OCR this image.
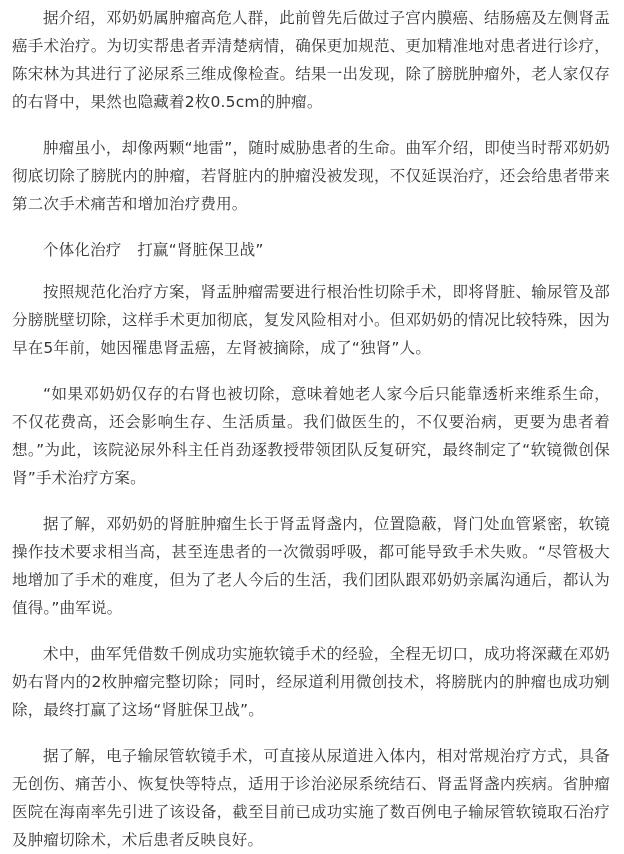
据介绍，邓奶奶属肿瘤高危人群，此前曾先后做过子宫内膜癌、结肠癌及左侧肾盂癌手术治疗。为切实帮患者弄清楚病情，确保更加规范、更加精准地对患者进行诊疗，陈宋林为其进行了泌尿系三维成像检查。结果一出发现，除了膀胱肿瘤外，老人家仅存的右肾中，果然也隐藏着2枚0.5cm的肿瘤。

肿瘤虽小，却像两颗“地雷”，随时威胁患者的生命。曲军介绍，即使当时帮邓奶奶彻底切除了膀胱内的肿瘤，若肾脏内的肿瘤没被发现，不仅延误治疗，还会给患者带来第二次手术痛苦和增加治疗费用。

个体化治疗　打赢“肾脏保卫战”

按照规范化治疗方案，肾盂肿瘤需要进行根治性切除手术，即将肾脏、输尿管及部分膀胱壁切除，这样手术更加彻底，复发风险相对小。但邓奶奶的情况比较特殊，因为早在5年前，她因罹患肾盂癌，左肾被摘除，成了“独肾”人。

“如果邓奶奶仅存的右肾也被切除，意味着她老人家今后只能靠透析来维系生命，不仅花费高，还会影响生存、生活质量。我们做医生的，不仅要治病，更要为患者着想。”为此，该院泌尿外科主任肖劲逐教授带领团队反复研究，最终制定了“软镜微创保肾”手术治疗方案。

据了解，邓奶奶的肾脏肿瘤生长于肾盂肾盏内，位置隐蔽，肾门处血管紧密，软镜操作技术要求相当高，甚至连患者的一次微弱呼吸，都可能导致手术失败。“尽管极大地增加了手术的难度，但为了老人今后的生活，我们团队跟邓奶奶亲属沟通后，都认为值得。”曲军说。

术中，曲军凭借数千例成功实施软镜手术的经验，全程无切口，成功将深藏在邓奶奶右肾内的2枚肿瘤完整切除；同时，经尿道利用微创技术，将膀胱内的肿瘤也成功剜除，最终打赢了这场“肾脏保卫战”。

据了解，电子输尿管软镜手术，可直接从尿道进入体内，相对常规治疗方式，具备无创伤、痛苦小、恢复快等特点，适用于诊治泌尿系统结石、肾盂肾盏内疾病。省肿瘤医院在海南率先引进了该设备，截至目前已成功实施了数百例电子输尿管软镜取石治疗及肿瘤切除术，术后患者反映良好。
